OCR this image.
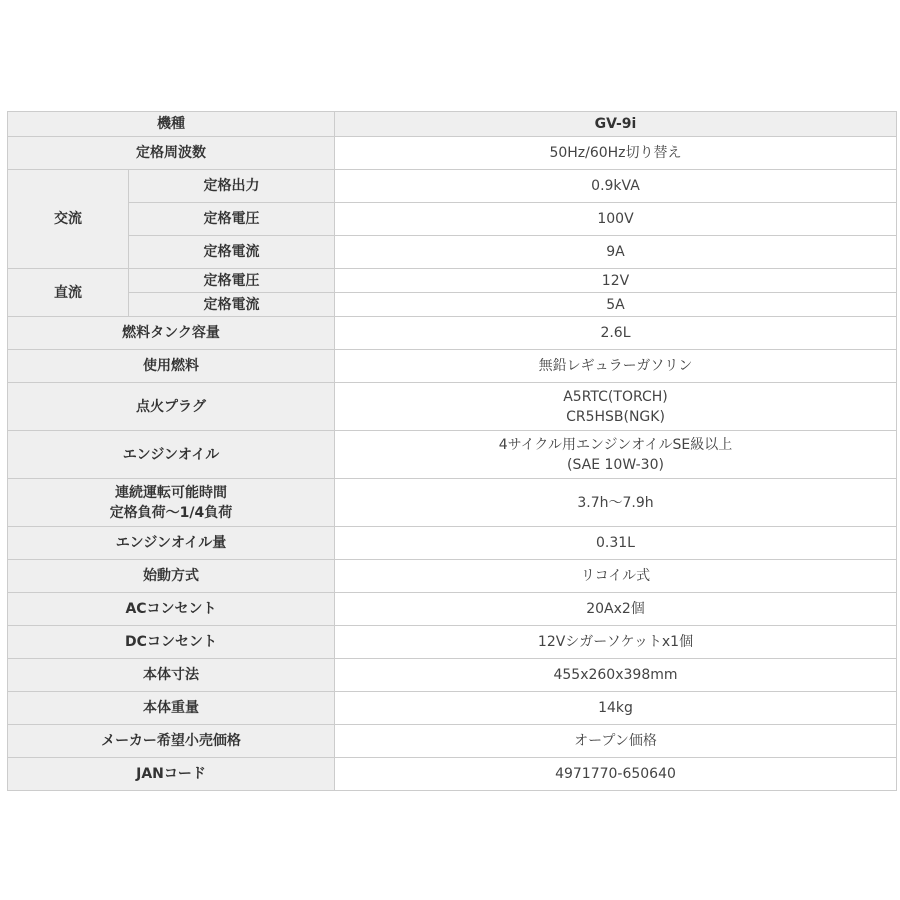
機種		GV-9i
定格周波数		50Hz/60Hz切り替え
交流	定格出力	0.9kVA
	定格電圧	100V
	定格電流	9A
直流	定格電圧	12V
	定格電流	5A
燃料タンク容量		2.6L
使用燃料		無鉛レギュラーガソリン
点火プラグ		A5RTC(TORCH)
CR5HSB(NGK)

エンジンオイル		4サイクル用エンジンオイルSE級以上
(SAE 10W-30)

連続運転可能時間
定格負荷〜1/4負荷		3.7h〜7.9h
エンジンオイル量		0.31L
始動方式		リコイル式
ACコンセント		20Ax2個
DCコンセント		12Vシガーソケットx1個
本体寸法		455x260x398mm
本体重量		14kg
メーカー希望小売価格		オープン価格
JANコード		4971770-650640
